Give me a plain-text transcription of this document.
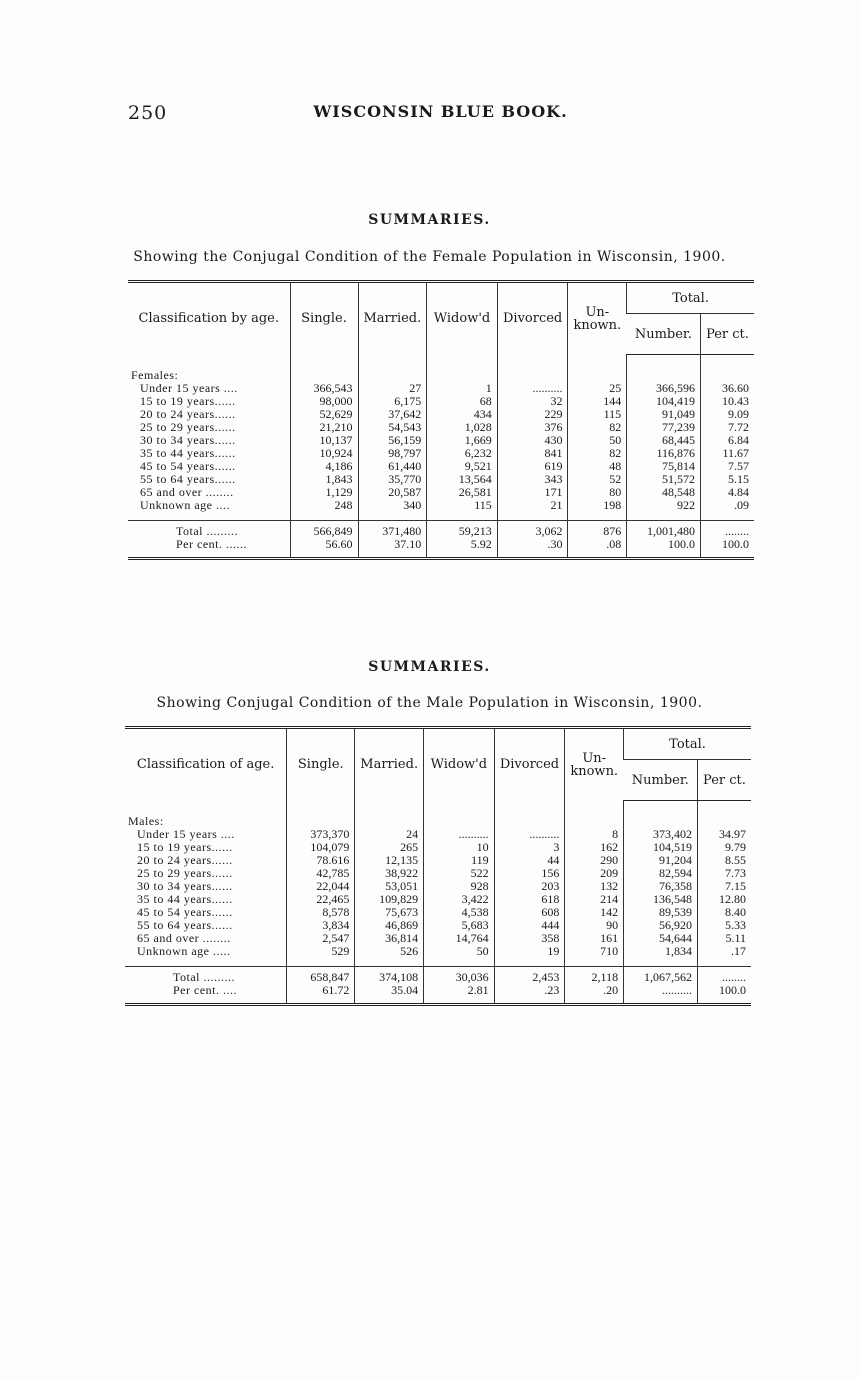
250	WISCONSIN BLUE BOOK.
SUMMARIES.
Showing the Conjugal Condition of the Female Population in Wisconsin, 1900.
Classification by age.	Single.	Married.	Widow'd	Divorced	Un-known.	Total.	
						Number.	Per ct.

Females:							
Under 15 years ....	366,543	27	1	..........	25	366,596	36.60
15 to 19 years......	98,000	6,175	68	32	144	104,419	10.43
20 to 24 years......	52,629	37,642	434	229	115	91,049	9.09
25 to 29 years......	21,210	54,543	1,028	376	82	77,239	7.72
30 to 34 years......	10,137	56,159	1,669	430	50	68,445	6.84
35 to 44 years......	10,924	98,797	6,232	841	82	116,876	11.67
45 to 54 years......	4,186	61,440	9,521	619	48	75,814	7.57
55 to 64 years......	1,843	35,770	13,564	343	52	51,572	5.15
65 and over ........	1,129	20,587	26,581	171	80	48,548	4.84
Unknown age ....	248	340	115	21	198	922	.09

Total .........	566,849	371,480	59,213	3,062	876	1,001,480	........
Per cent. ......	56.60	37.10	5.92	.30	.08	100.0	100.0
SUMMARIES.
Showing Conjugal Condition of the Male Population in Wisconsin, 1900.
Classification of age.	Single.	Married.	Widow'd	Divorced	Un-known.	Total.	
						Number.	Per ct.

Males:							
Under 15 years ....	373,370	24	..........	..........	8	373,402	34.97
15 to 19 years......	104,079	265	10	3	162	104,519	9.79
20 to 24 years......	78.616	12,135	119	44	290	91,204	8.55
25 to 29 years......	42,785	38,922	522	156	209	82,594	7.73
30 to 34 years......	22,044	53,051	928	203	132	76,358	7.15
35 to 44 years......	22,465	109,829	3,422	618	214	136,548	12.80
45 to 54 years......	8,578	75,673	4,538	608	142	89,539	8.40
55 to 64 years......	3,834	46,869	5,683	444	90	56,920	5.33
65 and over ........	2,547	36,814	14,764	358	161	54,644	5.11
Unknown age .....	529	526	50	19	710	1,834	.17

Total .........	658,847	374,108	30,036	2,453	2,118	1,067,562	........
Per cent. ....	61.72	35.04	2.81	.23	.20	..........	100.0
